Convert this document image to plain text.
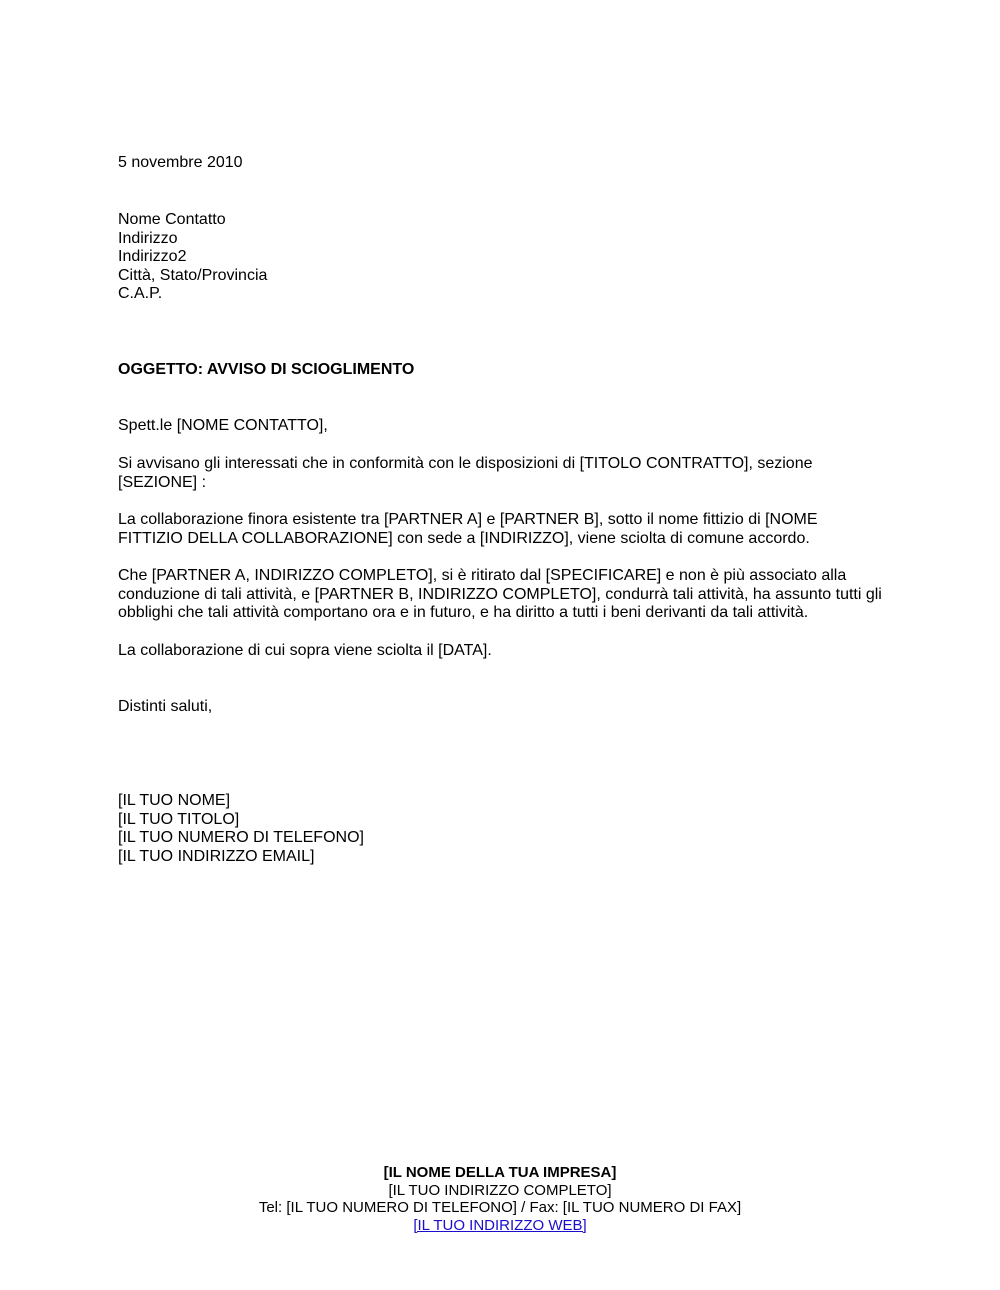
5 novembre 2010
Nome Contatto
Indirizzo
Indirizzo2
Città, Stato/Provincia
C.A.P.
OGGETTO: AVVISO DI SCIOGLIMENTO
Spett.le [NOME CONTATTO],
Si avvisano gli interessati che in conformità con le disposizioni di [TITOLO CONTRATTO], sezione [SEZIONE] :
La collaborazione finora esistente tra [PARTNER A] e [PARTNER B], sotto il nome fittizio di [NOME FITTIZIO DELLA COLLABORAZIONE] con sede a [INDIRIZZO], viene sciolta di comune accordo.
Che [PARTNER A, INDIRIZZO COMPLETO], si è ritirato dal [SPECIFICARE] e non è più associato alla conduzione di tali attività, e [PARTNER B, INDIRIZZO COMPLETO], condurrà tali attività, ha assunto tutti gli obblighi che tali attività comportano ora e in futuro, e ha diritto a tutti i beni derivanti da tali attività.
La collaborazione di cui sopra viene sciolta il [DATA].
Distinti saluti,
[IL TUO NOME]
[IL TUO TITOLO]
[IL TUO NUMERO DI TELEFONO]
[IL TUO INDIRIZZO EMAIL]
[IL NOME DELLA TUA IMPRESA]
[IL TUO INDIRIZZO COMPLETO]
Tel: [IL TUO NUMERO DI TELEFONO] / Fax: [IL TUO NUMERO DI FAX]
[IL TUO INDIRIZZO WEB]
